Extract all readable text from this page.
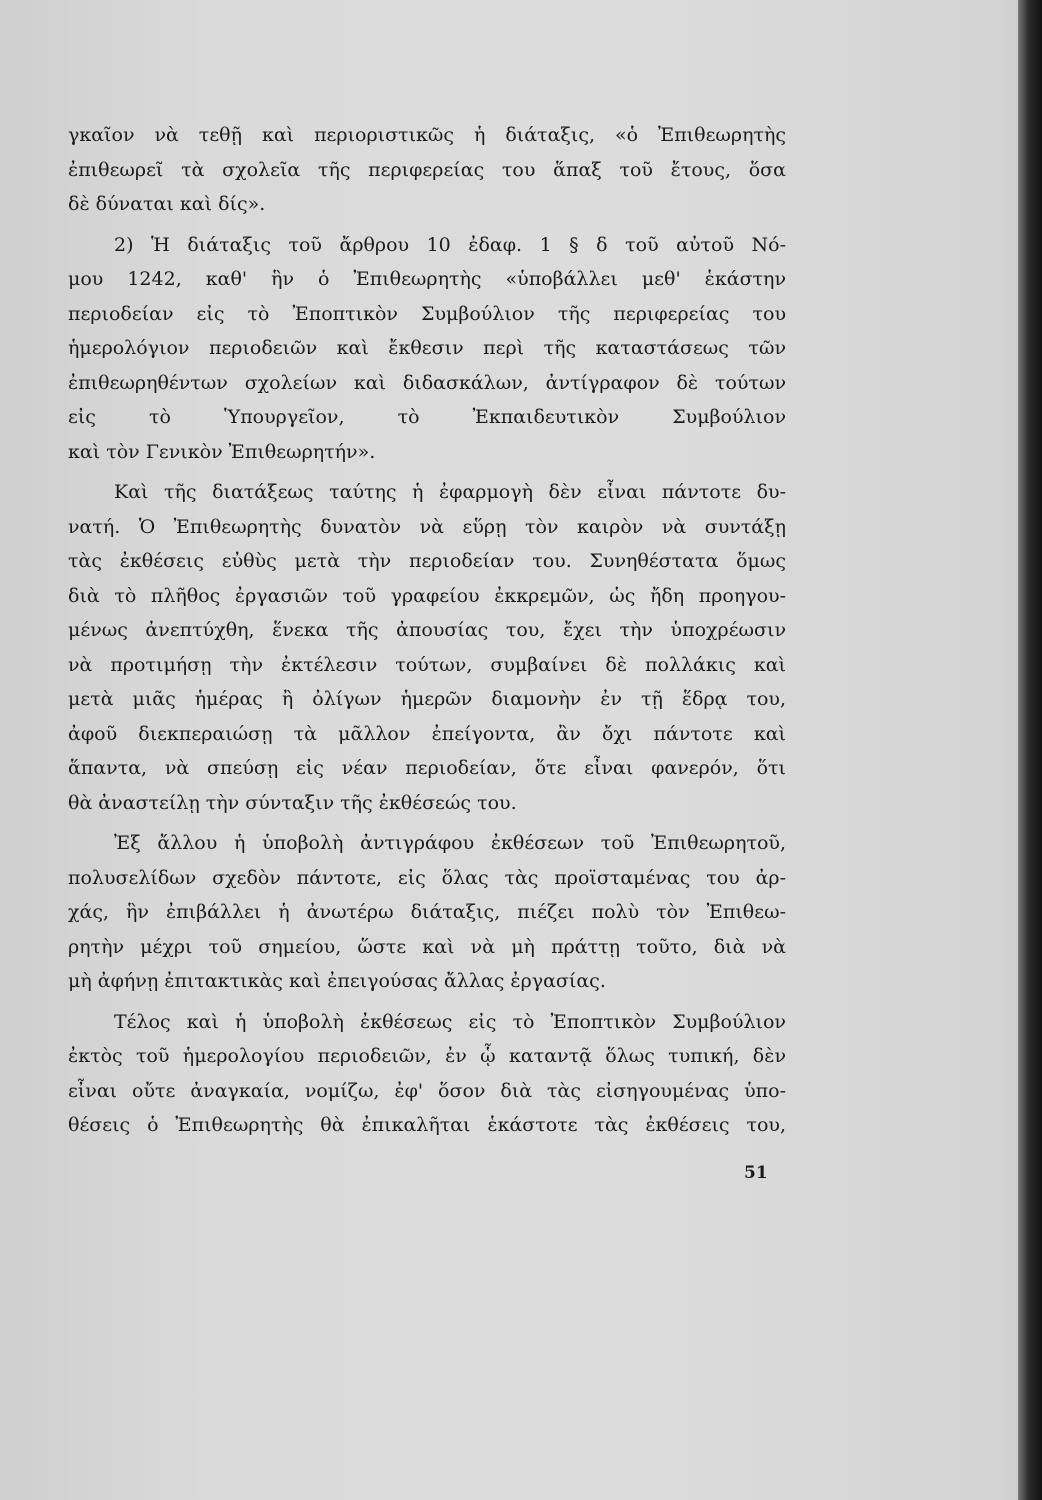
γκαῖον νὰ τεθῇ καὶ περιοριστικῶς ἡ διάταξις, «ὁ Ἐπιθεωρητὴς
ἐπιθεωρεῖ τὰ σχολεῖα τῆς περιφερείας του ἅπαξ τοῦ ἔτους, ὅσα
δὲ δύναται καὶ δίς».
2) Ἡ διάταξις τοῦ ἄρθρου 10 ἐδαφ. 1 § δ τοῦ αὐτοῦ Νό-
μου 1242, καθ' ἣν ὁ Ἐπιθεωρητὴς «ὑποβάλλει μεθ' ἑκάστην
περιοδείαν εἰς τὸ Ἐποπτικὸν Συμβούλιον τῆς περιφερείας του
ἡμερολόγιον περιοδειῶν καὶ ἔκθεσιν περὶ τῆς καταστάσεως τῶν
ἐπιθεωρηθέντων σχολείων καὶ διδασκάλων, ἀντίγραφον δὲ τούτων
εἰς τὸ Ὑπουργεῖον, τὸ Ἐκπαιδευτικὸν Συμβούλιον
καὶ τὸν Γενικὸν Ἐπιθεωρητήν».
Καὶ τῆς διατάξεως ταύτης ἡ ἐφαρμογὴ δὲν εἶναι πάντοτε δυ-
νατή. Ὁ Ἐπιθεωρητὴς δυνατὸν νὰ εὕρῃ τὸν καιρὸν νὰ συντάξῃ
τὰς ἐκθέσεις εὐθὺς μετὰ τὴν περιοδείαν του. Συνηθέστατα ὅμως
διὰ τὸ πλῆθος ἐργασιῶν τοῦ γραφείου ἐκκρεμῶν, ὡς ἤδη προηγου-
μένως ἀνεπτύχθη, ἕνεκα τῆς ἀπουσίας του, ἔχει τὴν ὑποχρέωσιν
νὰ προτιμήσῃ τὴν ἐκτέλεσιν τούτων, συμβαίνει δὲ πολλάκις καὶ
μετὰ μιᾶς ἡμέρας ἢ ὀλίγων ἡμερῶν διαμονὴν ἐν τῇ ἕδρᾳ του,
ἀφοῦ διεκπεραιώσῃ τὰ μᾶλλον ἐπείγοντα, ἂν ὄχι πάντοτε καὶ
ἅπαντα, νὰ σπεύσῃ εἰς νέαν περιοδείαν, ὅτε εἶναι φανερόν, ὅτι
θὰ ἀναστείλῃ τὴν σύνταξιν τῆς ἐκθέσεώς του.
Ἐξ ἄλλου ἡ ὑποβολὴ ἀντιγράφου ἐκθέσεων τοῦ Ἐπιθεωρητοῦ,
πολυσελίδων σχεδὸν πάντοτε, εἰς ὅλας τὰς προϊσταμένας του ἀρ-
χάς, ἣν ἐπιβάλλει ἡ ἀνωτέρω διάταξις, πιέζει πολὺ τὸν Ἐπιθεω-
ρητὴν μέχρι τοῦ σημείου, ὥστε καὶ νὰ μὴ πράττῃ τοῦτο, διὰ νὰ
μὴ ἀφήνῃ ἐπιτακτικὰς καὶ ἐπειγούσας ἄλλας ἐργασίας.
Τέλος καὶ ἡ ὑποβολὴ ἐκθέσεως εἰς τὸ Ἐποπτικὸν Συμβούλιον
ἐκτὸς τοῦ ἡμερολογίου περιοδειῶν, ἐν ᾧ καταντᾷ ὅλως τυπική, δὲν
εἶναι οὔτε ἀναγκαία, νομίζω, ἐφ' ὅσον διὰ τὰς εἰσηγουμένας ὑπο-
θέσεις ὁ Ἐπιθεωρητὴς θὰ ἐπικαλῆται ἑκάστοτε τὰς ἐκθέσεις του,
51
